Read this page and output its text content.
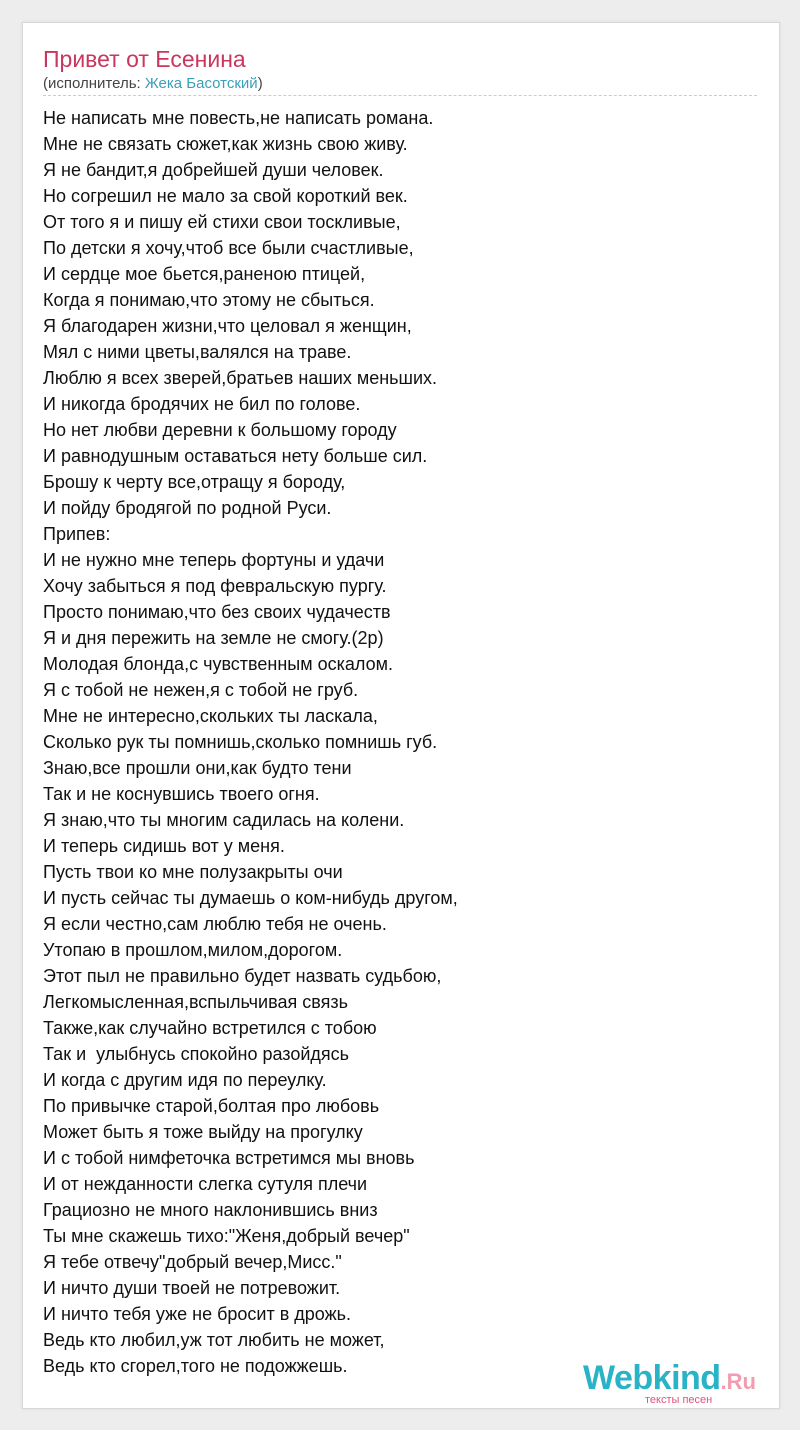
Привет от Есенина
(исполнитель: Жека Басотский)
Не написать мне повесть,не написать романа.
Мне не связать сюжет,как жизнь свою живу.
Я не бандит,я добрейшей души человек.
Но согрешил не мало за свой короткий век.
От того я и пишу ей стихи свои тоскливые,
По детски я хочу,чтоб все были счастливые,
И сердце мое бьется,раненою птицей,
Когда я понимаю,что этому не сбыться.
Я благодарен жизни,что целовал я женщин,
Мял с ними цветы,валялся на траве.
Люблю я всех зверей,братьев наших меньших.
И никогда бродячих не бил по голове.
Но нет любви деревни к большому городу
И равнодушным оставаться нету больше сил.
Брошу к черту все,отращу я бороду,
И пойду бродягой по родной Руси.
Припев:
И не нужно мне теперь фортуны и удачи
Хочу забыться я под февральскую пургу.
Просто понимаю,что без своих чудачеств
Я и дня пережить на земле не смогу.(2р)
Молодая блонда,с чувственным оскалом.
Я с тобой не нежен,я с тобой не груб.
Мне не интересно,скольких ты ласкала,
Сколько рук ты помнишь,сколько помнишь губ.
Знаю,все прошли они,как будто тени
Так и не коснувшись твоего огня.
Я знаю,что ты многим садилась на колени.
И теперь сидишь вот у меня.
Пусть твои ко мне полузакрыты очи
И пусть сейчас ты думаешь о ком-нибудь другом,
Я если честно,сам люблю тебя не очень.
Утопаю в прошлом,милом,дорогом.
Этот пыл не правильно будет назвать судьбою,
Легкомысленная,вспыльчивая связь
Также,как случайно встретился с тобою
Так и  улыбнусь спокойно разойдясь
И когда с другим идя по переулку.
По привычке старой,болтая про любовь
Может быть я тоже выйду на прогулку
И с тобой нимфеточка встретимся мы вновь
И от нежданности слегка сутуля плечи
Грациозно не много наклонившись вниз
Ты мне скажешь тихо:"Женя,добрый вечер"
Я тебе отвечу"добрый вечер,Мисс."
И ничто души твоей не потревожит.
И ничто тебя уже не бросит в дрожь.
Ведь кто любил,уж тот любить не может,
Ведь кто сгорел,того не подожжешь.	Webkind.Ru
тексты песен
